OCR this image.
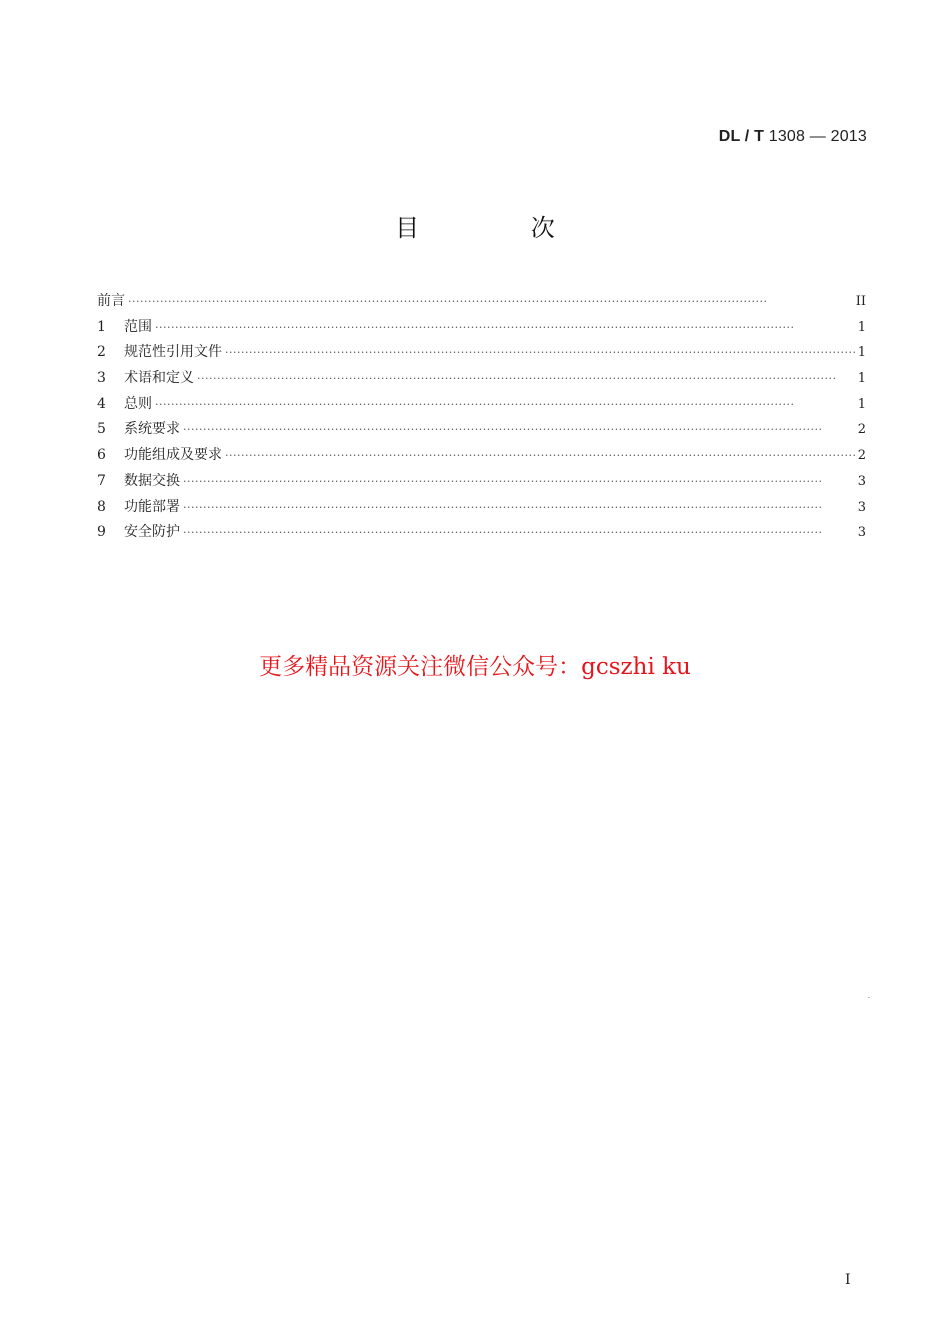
DL / T 1308 — 2013
目 次
前言 ·····	II
1	范围 ·····	1
2	规范性引用文件 ·····	1
3	术语和定义 ·····	1
4	总则 ·····	1
5	系统要求 ·····	2
6	功能组成及要求 ·····	2
7	数据交换 ·····	3
8	功能部署 ·····	3
9	安全防护 ·····	3
更多精品资源关注微信公众号：gcszhi ku
I
